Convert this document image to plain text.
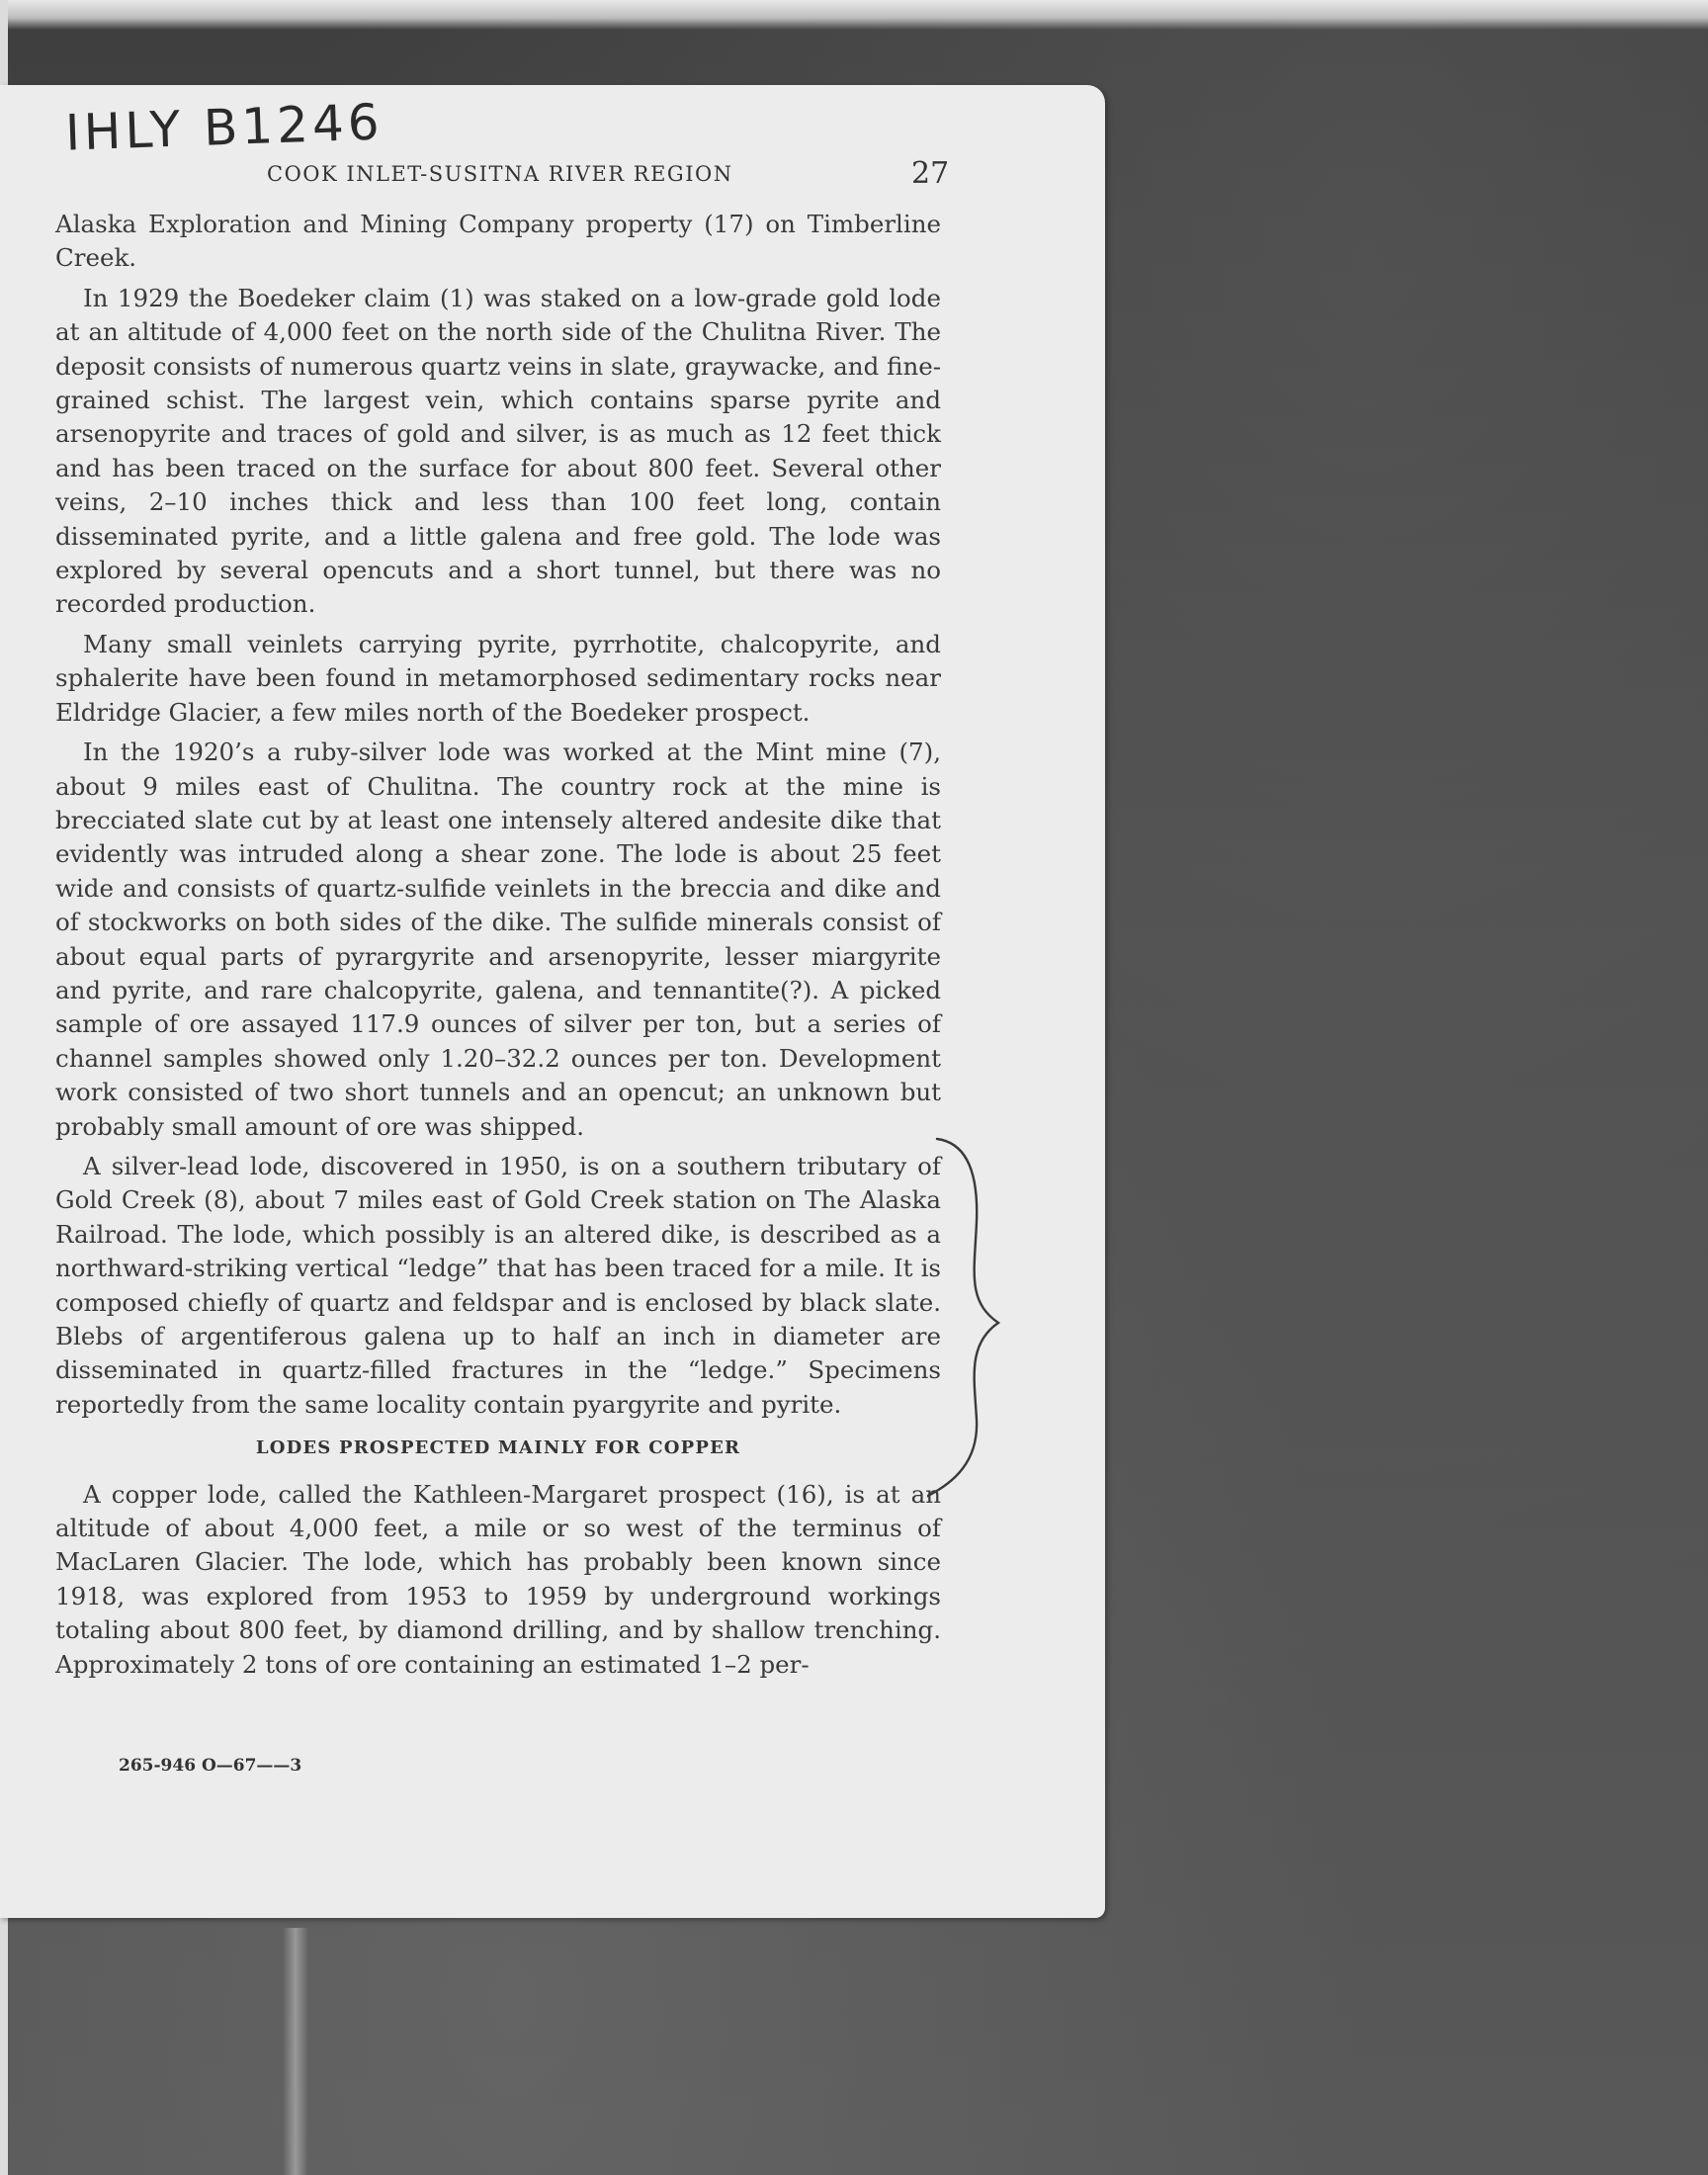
IHLY B1246
COOK INLET-SUSITNA RIVER REGION	27

Alaska Exploration and Mining Company property (17) on Timberline Creek.

In 1929 the Boedeker claim (1) was staked on a low-grade gold lode at an altitude of 4,000 feet on the north side of the Chulitna River. The deposit consists of numerous quartz veins in slate, graywacke, and fine-grained schist. The largest vein, which contains sparse pyrite and arsenopyrite and traces of gold and silver, is as much as 12 feet thick and has been traced on the surface for about 800 feet. Several other veins, 2–10 inches thick and less than 100 feet long, contain disseminated pyrite, and a little galena and free gold. The lode was explored by several opencuts and a short tunnel, but there was no recorded production.

Many small veinlets carrying pyrite, pyrrhotite, chalcopyrite, and sphalerite have been found in metamorphosed sedimentary rocks near Eldridge Glacier, a few miles north of the Boedeker prospect.

In the 1920’s a ruby-silver lode was worked at the Mint mine (7), about 9 miles east of Chulitna. The country rock at the mine is brecciated slate cut by at least one intensely altered andesite dike that evidently was intruded along a shear zone. The lode is about 25 feet wide and consists of quartz-sulfide veinlets in the breccia and dike and of stockworks on both sides of the dike. The sulfide minerals consist of about equal parts of pyrargyrite and arsenopyrite, lesser miargyrite and pyrite, and rare chalcopyrite, galena, and tennantite(?). A picked sample of ore assayed 117.9 ounces of silver per ton, but a series of channel samples showed only 1.20–32.2 ounces per ton. Development work consisted of two short tunnels and an opencut; an unknown but probably small amount of ore was shipped.

A silver-lead lode, discovered in 1950, is on a southern tributary of Gold Creek (8), about 7 miles east of Gold Creek station on The Alaska Railroad. The lode, which possibly is an altered dike, is described as a northward-striking vertical “ledge” that has been traced for a mile. It is composed chiefly of quartz and feldspar and is enclosed by black slate. Blebs of argentiferous galena up to half an inch in diameter are disseminated in quartz-filled fractures in the “ledge.” Specimens reportedly from the same locality contain pyargyrite and pyrite.

LODES PROSPECTED MAINLY FOR COPPER

A copper lode, called the Kathleen-Margaret prospect (16), is at an altitude of about 4,000 feet, a mile or so west of the terminus of MacLaren Glacier. The lode, which has probably been known since 1918, was explored from 1953 to 1959 by underground workings totaling about 800 feet, by diamond drilling, and by shallow trenching. Approximately 2 tons of ore containing an estimated 1–2 per-

265-946 O—67——3
